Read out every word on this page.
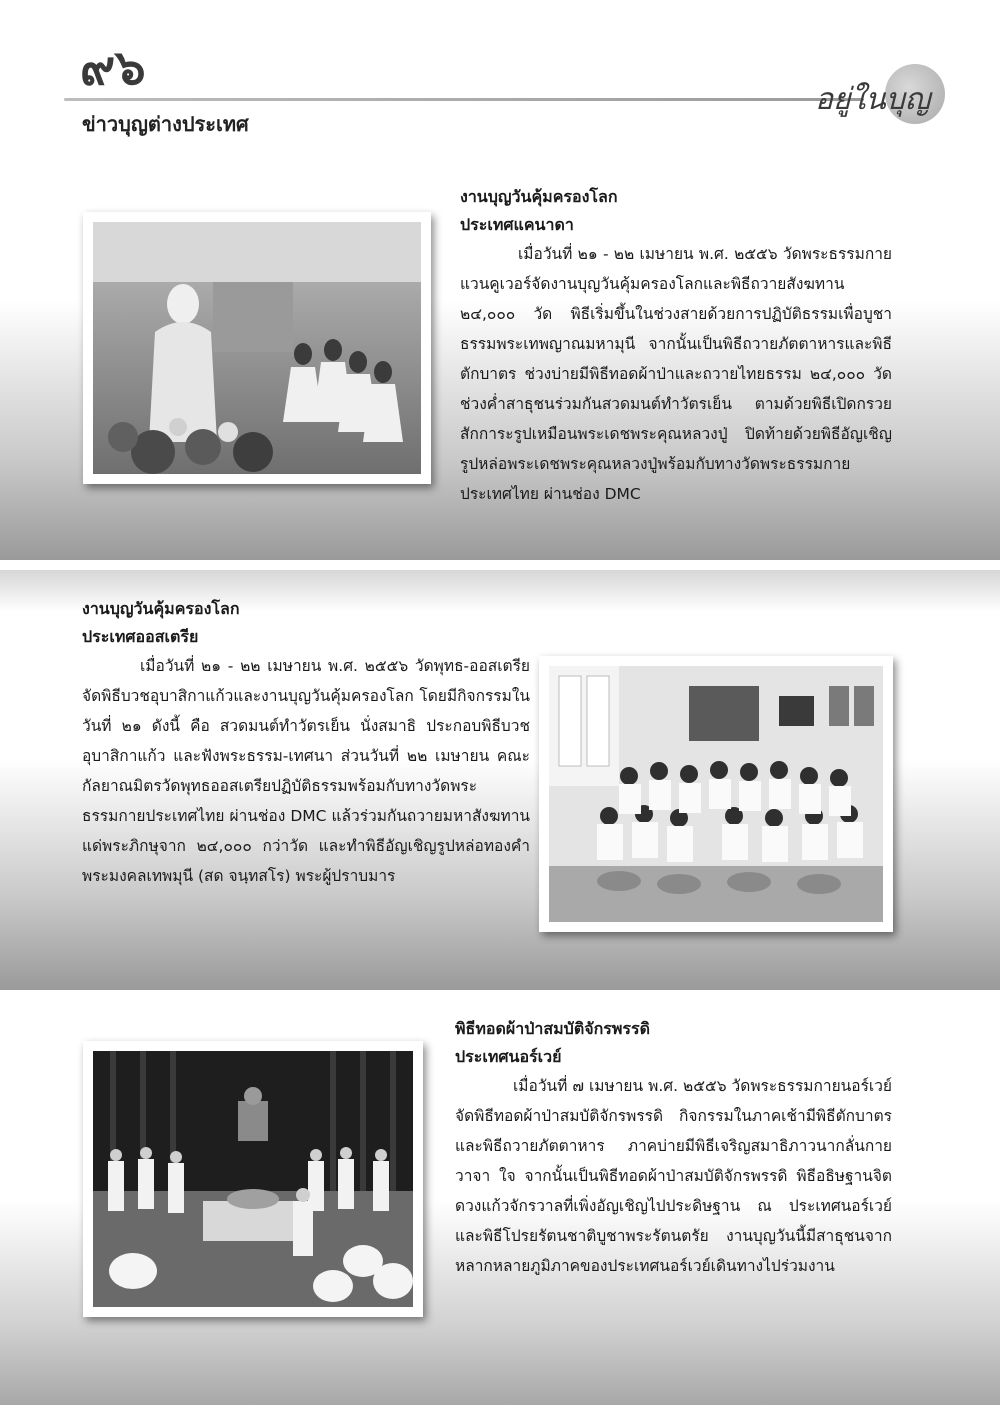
๙๖
ข่าวบุญต่างประเทศ
อยู่ในบุญ
งานบุญวันคุ้มครองโลก
ประเทศแคนาดา

เมื่อวันที่ ๒๑ - ๒๒ เมษายน พ.ศ. ๒๕๕๖ วัดพระธรรมกายแวนคูเวอร์จัดงานบุญวันคุ้มครองโลกและพิธีถวายสังฆทาน ๒๔,๐๐๐ วัด พิธีเริ่มขึ้นในช่วงสายด้วยการปฏิบัติธรรมเพื่อบูชาธรรมพระเทพญาณมหามุนี จากนั้นเป็นพิธีถวายภัตตาหารและพิธีตักบาตร ช่วงบ่ายมีพิธีทอดผ้าป่าและถวายไทยธรรม ๒๔,๐๐๐ วัด ช่วงค่ำสาธุชนร่วมกันสวดมนต์ทำวัตรเย็น ตามด้วยพิธีเปิดกรวยสักการะรูปเหมือนพระเดชพระคุณหลวงปู่ ปิดท้ายด้วยพิธีอัญเชิญรูปหล่อพระเดชพระคุณหลวงปู่พร้อมกับทางวัดพระธรรมกายประเทศไทย ผ่านช่อง DMC

งานบุญวันคุ้มครองโลก
ประเทศออสเตรีย

เมื่อวันที่ ๒๑ - ๒๒ เมษายน พ.ศ. ๒๕๕๖ วัดพุทธ-ออสเตรียจัดพิธีบวชอุบาสิกาแก้วและงานบุญวันคุ้มครองโลก โดยมีกิจกรรมในวันที่ ๒๑ ดังนี้ คือ สวดมนต์ทำวัตรเย็น นั่งสมาธิ ประกอบพิธีบวชอุบาสิกาแก้ว และฟังพระธรรม-เทศนา ส่วนวันที่ ๒๒ เมษายน คณะกัลยาณมิตรวัดพุทธออสเตรียปฏิบัติธรรมพร้อมกับทางวัดพระธรรมกายประเทศไทย ผ่านช่อง DMC แล้วร่วมกันถวายมหาสังฆทานแด่พระภิกษุจาก ๒๔,๐๐๐ กว่าวัด และทำพิธีอัญเชิญรูปหล่อทองคำพระมงคลเทพมุนี (สด จนฺทสโร) พระผู้ปราบมาร

พิธีทอดผ้าป่าสมบัติจักรพรรดิ
ประเทศนอร์เวย์

เมื่อวันที่ ๗ เมษายน พ.ศ. ๒๕๕๖ วัดพระธรรมกายนอร์เวย์จัดพิธีทอดผ้าป่าสมบัติจักรพรรดิ กิจกรรมในภาคเช้ามีพิธีตักบาตรและพิธีถวายภัตตาหาร ภาคบ่ายมีพิธีเจริญสมาธิภาวนากลั่นกาย วาจา ใจ จากนั้นเป็นพิธีทอดผ้าป่าสมบัติจักรพรรดิ พิธีอธิษฐานจิตดวงแก้วจักรวาลที่เพิ่งอัญเชิญไปประดิษฐาน ณ ประเทศนอร์เวย์ และพิธีโปรยรัตนชาติบูชาพระรัตนตรัย งานบุญวันนี้มีสาธุชนจากหลากหลายภูมิภาคของประเทศนอร์เวย์เดินทางไปร่วมงาน
